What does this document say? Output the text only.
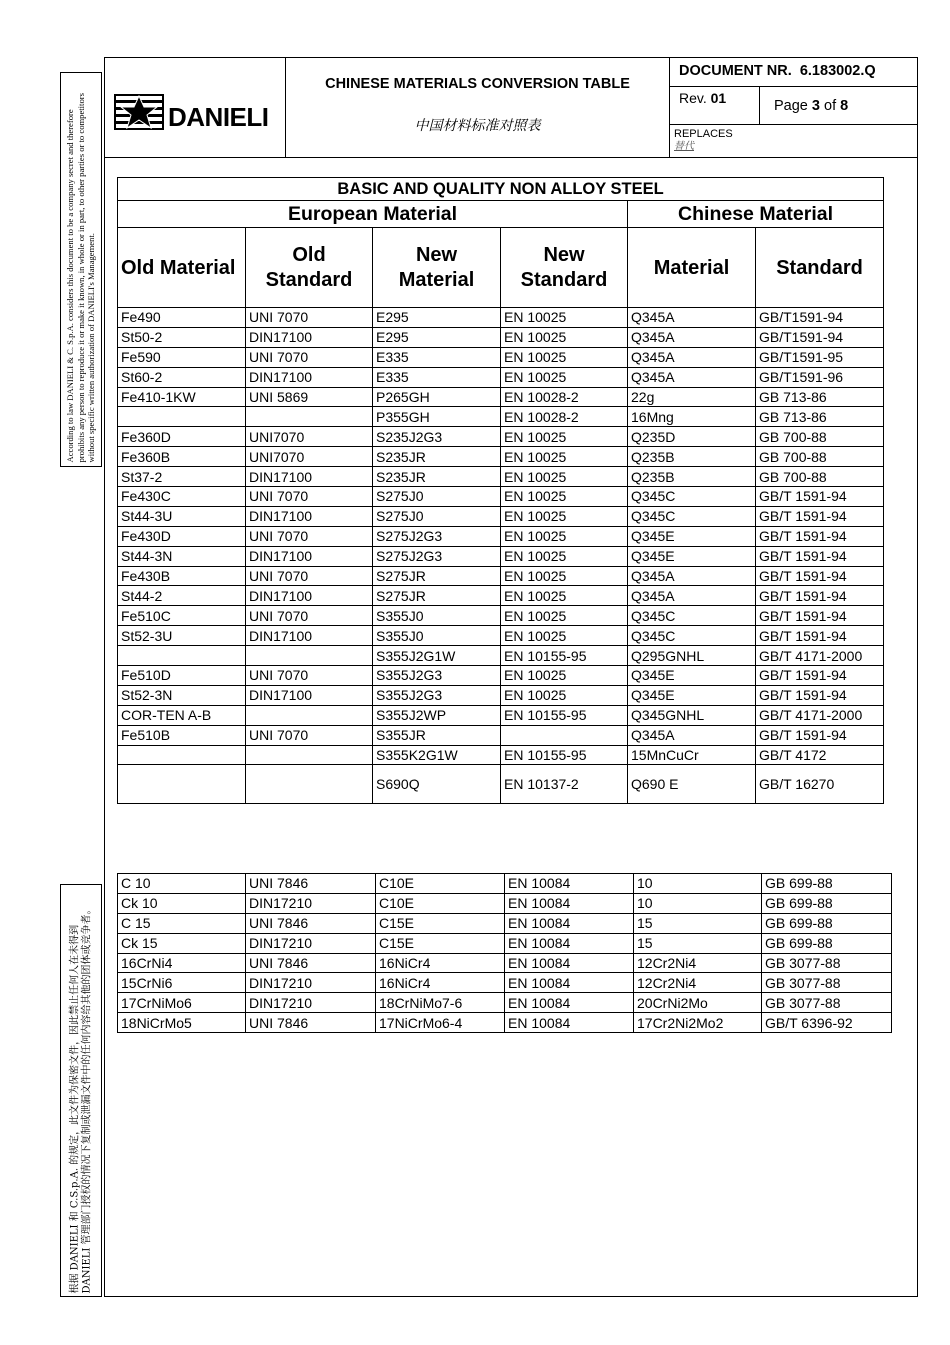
According to law DANIELI & C. S.p.A. considers this document to be a company secret and therefore prohibits any person to reproduce it or make it known, in whole or in part, to other parties or to competitors without specific written authorization of DANIELI's Management.
根据 DANIELI 和 C.S.p.A. 的规定，此文件为保密文件，因此禁止任何人在未得到 DANIELI 管理部门授权的情况下复制或泄漏文件中的任何内容给其他的团体或竞争者。
DANIELI
CHINESE MATERIALS CONVERSION TABLE
中国材料标准对照表
DOCUMENT NR. 6.183002.Q
Rev. 01	Page 3 of 8
REPLACES
替代
BASIC AND QUALITY NON ALLOY STEEL					
European Material				Chinese Material	
Old Material	Old Standard	New Material	New Standard	Material	Standard
Fe490	UNI 7070	E295	EN 10025	Q345A	GB/T1591-94
St50-2	DIN17100	E295	EN 10025	Q345A	GB/T1591-94
Fe590	UNI 7070	E335	EN 10025	Q345A	GB/T1591-95
St60-2	DIN17100	E335	EN 10025	Q345A	GB/T1591-96
Fe410-1KW	UNI 5869	P265GH	EN 10028-2	22g	GB 713-86
		P355GH	EN 10028-2	16Mng	GB 713-86
Fe360D	UNI7070	S235J2G3	EN 10025	Q235D	GB 700-88
Fe360B	UNI7070	S235JR	EN 10025	Q235B	GB 700-88
St37-2	DIN17100	S235JR	EN 10025	Q235B	GB 700-88
Fe430C	UNI 7070	S275J0	EN 10025	Q345C	GB/T 1591-94
St44-3U	DIN17100	S275J0	EN 10025	Q345C	GB/T 1591-94
Fe430D	UNI 7070	S275J2G3	EN 10025	Q345E	GB/T 1591-94
St44-3N	DIN17100	S275J2G3	EN 10025	Q345E	GB/T 1591-94
Fe430B	UNI 7070	S275JR	EN 10025	Q345A	GB/T 1591-94
St44-2	DIN17100	S275JR	EN 10025	Q345A	GB/T 1591-94
Fe510C	UNI 7070	S355J0	EN 10025	Q345C	GB/T 1591-94
St52-3U	DIN17100	S355J0	EN 10025	Q345C	GB/T 1591-94
		S355J2G1W	EN 10155-95	Q295GNHL	GB/T 4171-2000
Fe510D	UNI 7070	S355J2G3	EN 10025	Q345E	GB/T 1591-94
St52-3N	DIN17100	S355J2G3	EN 10025	Q345E	GB/T 1591-94
COR-TEN A-B		S355J2WP	EN 10155-95	Q345GNHL	GB/T 4171-2000
Fe510B	UNI 7070	S355JR		Q345A	GB/T 1591-94
		S355K2G1W	EN 10155-95	15MnCuCr	GB/T 4172
		S690Q	EN 10137-2	Q690 E	GB/T 16270
C 10	UNI 7846	C10E	EN 10084	10	GB 699-88
Ck 10	DIN17210	C10E	EN 10084	10	GB 699-88
C 15	UNI 7846	C15E	EN 10084	15	GB 699-88
Ck 15	DIN17210	C15E	EN 10084	15	GB 699-88
16CrNi4	UNI 7846	16NiCr4	EN 10084	12Cr2Ni4	GB 3077-88
15CrNi6	DIN17210	16NiCr4	EN 10084	12Cr2Ni4	GB 3077-88
17CrNiMo6	DIN17210	18CrNiMo7-6	EN 10084	20CrNi2Mo	GB 3077-88
18NiCrMo5	UNI 7846	17NiCrMo6-4	EN 10084	17Cr2Ni2Mo2	GB/T 6396-92
